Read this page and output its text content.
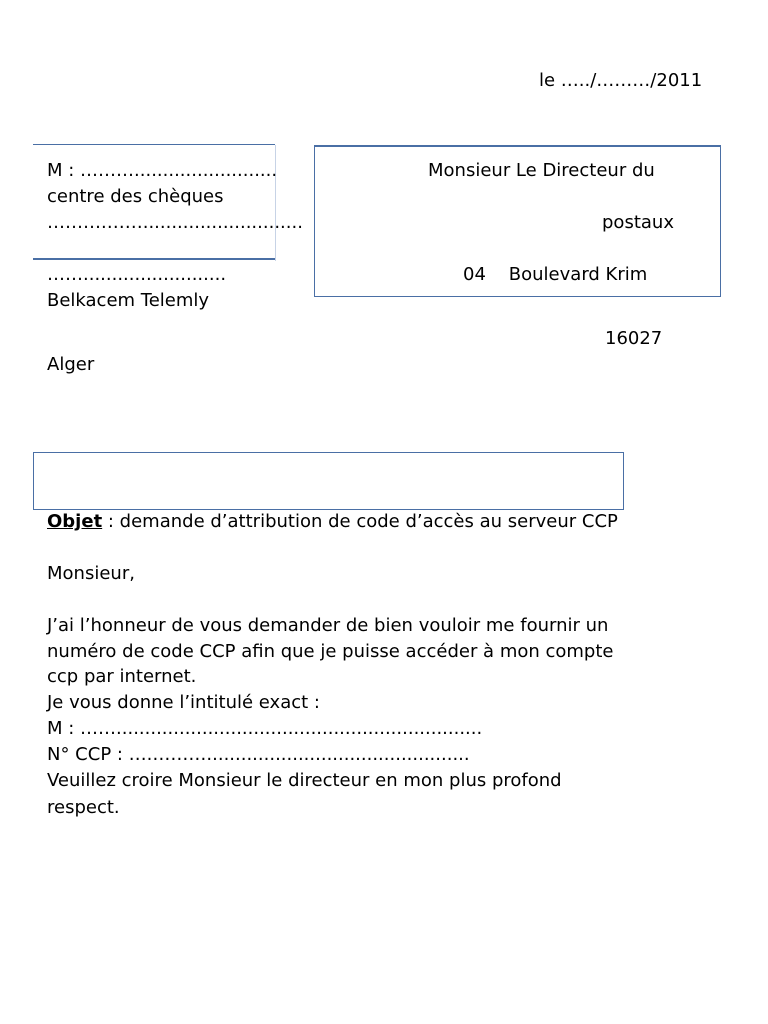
le …../………/2011
M : ……….........................
centre des chèques
……….……............................
…….........................
Belkacem Telemly
Alger
Monsieur Le Directeur du
postaux
04    Boulevard Krim
16027
Objet : demande d’attribution de code d’accès au serveur CCP
Monsieur,
J’ai l’honneur de vous demander de bien vouloir me fournir un
numéro de code CCP afin que je puisse accéder à mon compte
ccp par internet.
Je vous donne l’intitulé exact :
M : ……................................................................
N° CCP : ….………..............................................
Veuillez croire Monsieur le directeur en mon plus profond
respect.
